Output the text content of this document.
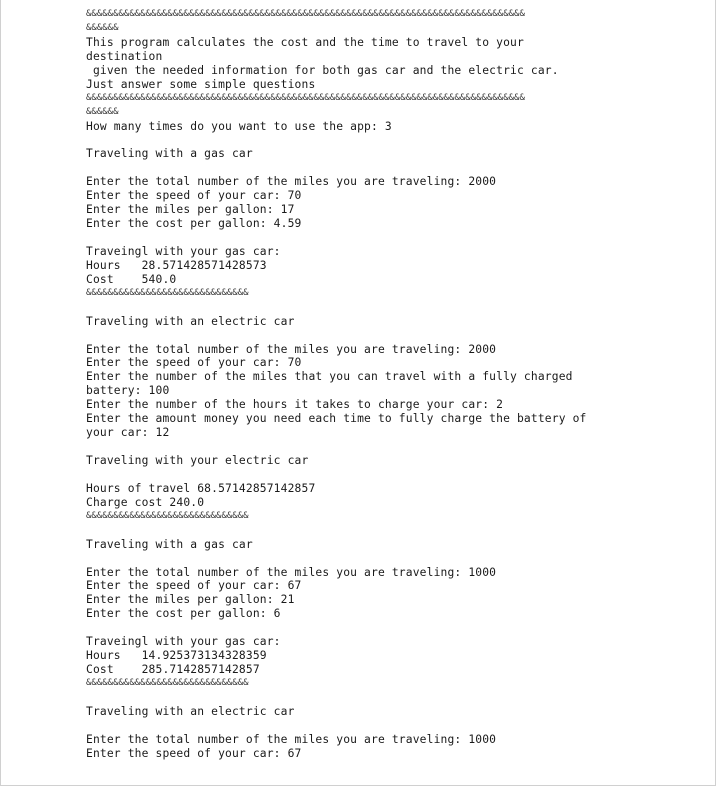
&&&&&&&&&&&&&&&&&&&&&&&&&&&&&&&&&&&&&&&&&&&&&&&&&&&&&&&&&&&&&&&&&&&&&&&&&&&&&&&&&
&&&&&&
This program calculates the cost and the time to travel to your
destination
given the needed information for both gas car and the electric car.
Just answer some simple questions
&&&&&&&&&&&&&&&&&&&&&&&&&&&&&&&&&&&&&&&&&&&&&&&&&&&&&&&&&&&&&&&&&&&&&&&&&&&&&&&&&
&&&&&&
How many times do you want to use the app: 3
Traveling with a gas car
Enter the total number of the miles you are traveling: 2000
Enter the speed of your car: 70
Enter the miles per gallon: 17
Enter the cost per gallon: 4.59
Traveingl with your gas car:
Hours   28.571428571428573
Cost    540.0
&&&&&&&&&&&&&&&&&&&&&&&&&&&&&&
Traveling with an electric car
Enter the total number of the miles you are traveling: 2000
Enter the speed of your car: 70
Enter the number of the miles that you can travel with a fully charged
battery: 100
Enter the number of the hours it takes to charge your car: 2
Enter the amount money you need each time to fully charge the battery of
your car: 12
Traveling with your electric car
Hours of travel 68.57142857142857
Charge cost 240.0
&&&&&&&&&&&&&&&&&&&&&&&&&&&&&&
Traveling with a gas car
Enter the total number of the miles you are traveling: 1000
Enter the speed of your car: 67
Enter the miles per gallon: 21
Enter the cost per gallon: 6
Traveingl with your gas car:
Hours   14.925373134328359
Cost    285.7142857142857
&&&&&&&&&&&&&&&&&&&&&&&&&&&&&&
Traveling with an electric car
Enter the total number of the miles you are traveling: 1000
Enter the speed of your car: 67
